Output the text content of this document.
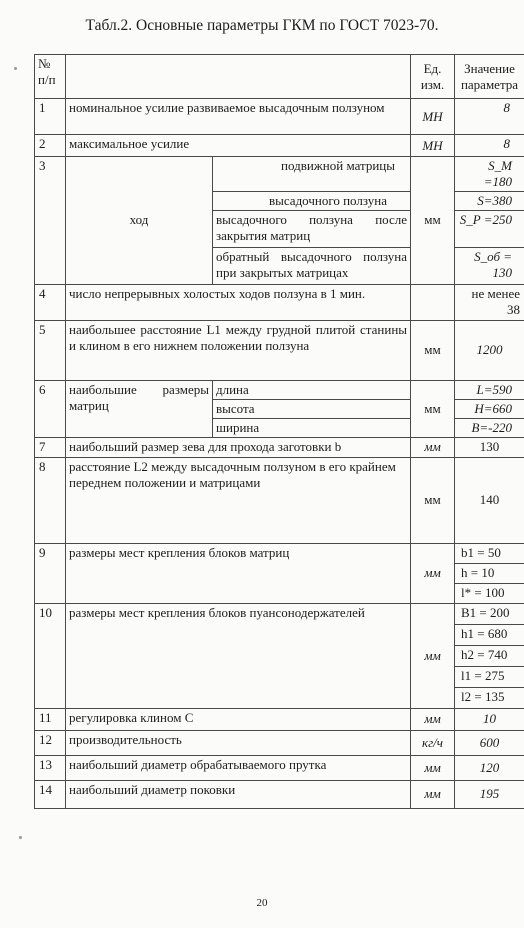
Табл.2. Основные параметры ГКМ по ГОСТ 7023-70.
№ п/п			Ед. изм.	Значение параметра
1	номинальное усилие развиваемое высадочным ползуном		МН	8
2	максимальное усилие		МН	8
3	ход	подвижной матрицы	мм	S_M =180
		высадочного ползуна		S=380
		высадочного ползуна после закрытия матриц		S_P =250
		обратный высадочного ползуна при закрытых матрицах		S_об = 130
4	число непрерывных холостых ходов ползуна в 1 мин.			не менее 38
5	наибольшее расстояние L1 между грудной плитой станины и клином в его нижнем положении ползуна		мм	1200
6	наибольшие размеры матриц	длина	мм	L=590
		высота		H=660
		ширина		B=-220
7	наибольший размер зева для прохода заготовки b		мм	130
8	расстояние L2 между высадочным ползуном в его крайнем переднем положении и матрицами		мм	140
9	размеры мест крепления блоков матриц		мм	b1 = 50
				h = 10
				l* = 100
10	размеры мест крепления блоков пуансонодержателей		мм	B1 = 200
				h1 = 680
				h2 = 740
				l1 = 275
				l2 = 135
11	регулировка клином C		мм	10
12	производительность		кг/ч	600
13	наибольший диаметр обрабатываемого прутка		мм	120
14	наибольший диаметр поковки		мм	195
20
